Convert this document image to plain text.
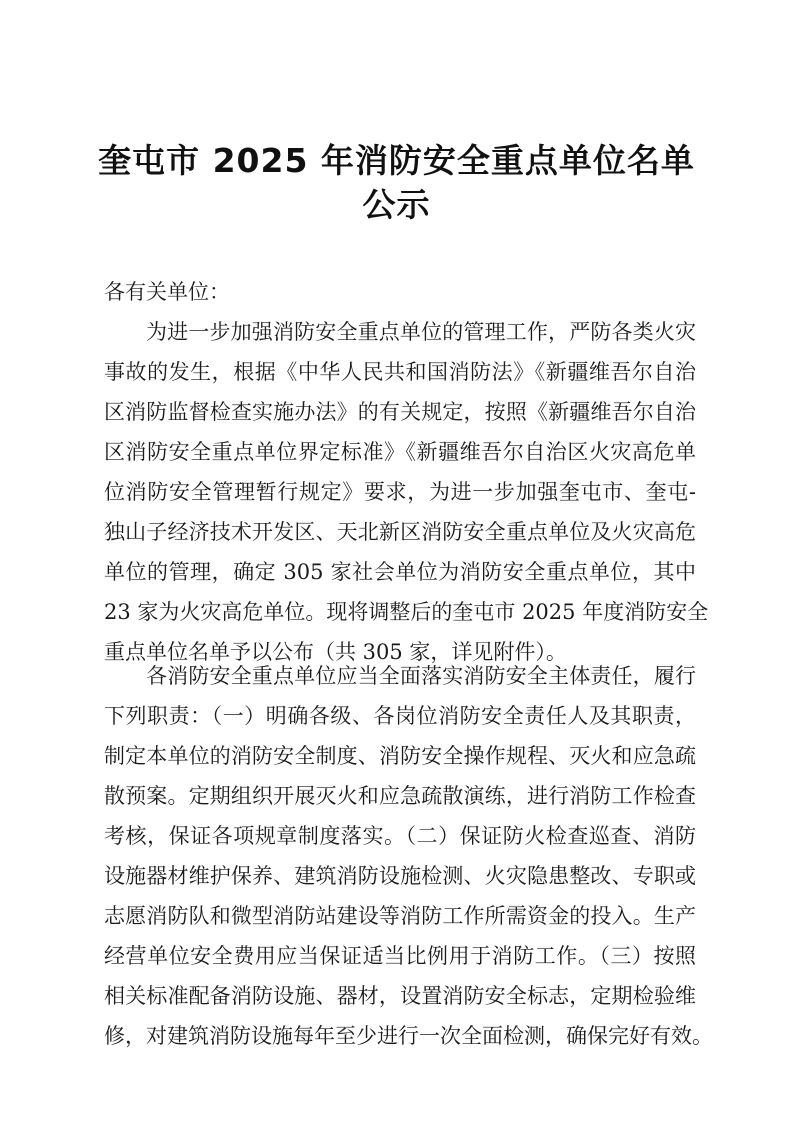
奎屯市 2025 年消防安全重点单位名单
公示
各有关单位：
为进一步加强消防安全重点单位的管理工作，严防各类火灾
事故的发生，根据《中华人民共和国消防法》《新疆维吾尔自治
区消防监督检查实施办法》的有关规定，按照《新疆维吾尔自治
区消防安全重点单位界定标准》《新疆维吾尔自治区火灾高危单
位消防安全管理暂行规定》要求，为进一步加强奎屯市、奎屯-
独山子经济技术开发区、天北新区消防安全重点单位及火灾高危
单位的管理，确定 305 家社会单位为消防安全重点单位，其中
23 家为火灾高危单位。现将调整后的奎屯市 2025 年度消防安全
重点单位名单予以公布（共 305 家，详见附件）。
各消防安全重点单位应当全面落实消防安全主体责任，履行
下列职责：（一）明确各级、各岗位消防安全责任人及其职责，
制定本单位的消防安全制度、消防安全操作规程、灭火和应急疏
散预案。定期组织开展灭火和应急疏散演练，进行消防工作检查
考核，保证各项规章制度落实。（二）保证防火检查巡查、消防
设施器材维护保养、建筑消防设施检测、火灾隐患整改、专职或
志愿消防队和微型消防站建设等消防工作所需资金的投入。生产
经营单位安全费用应当保证适当比例用于消防工作。（三）按照
相关标准配备消防设施、器材，设置消防安全标志，定期检验维
修，对建筑消防设施每年至少进行一次全面检测，确保完好有效。
